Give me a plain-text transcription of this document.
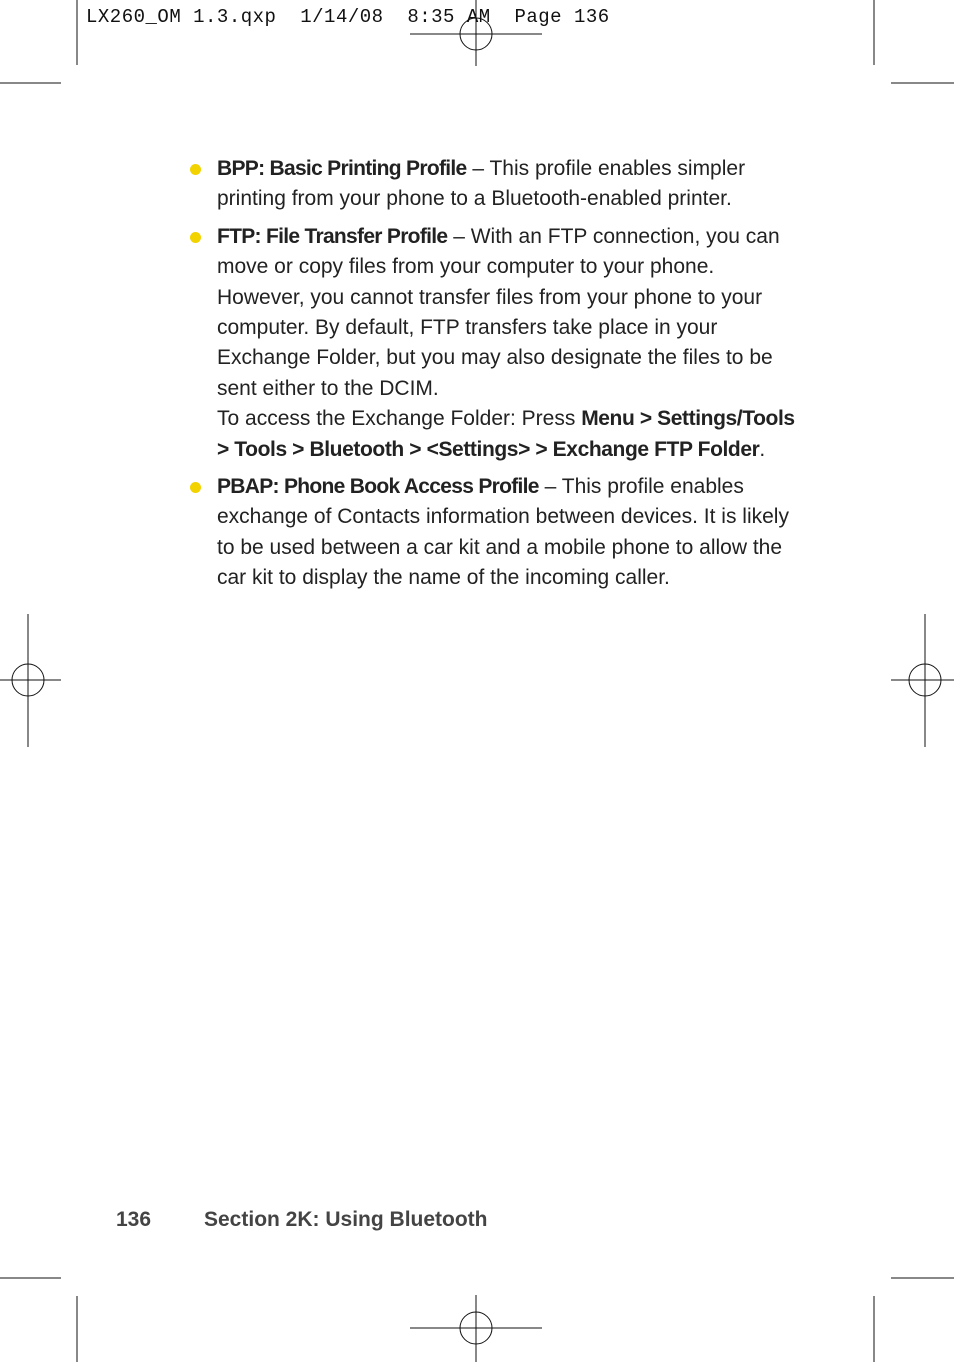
LX260_OM 1.3.qxp  1/14/08  8:35 AM  Page 136
BPP: Basic Printing Profile – This profile enables simpler printing from your phone to a Bluetooth-enabled printer.
FTP: File Transfer Profile – With an FTP connection, you can move or copy files from your computer to your phone. However, you cannot transfer files from your phone to your computer. By default, FTP transfers take place in your Exchange Folder, but you may also designate the files to be sent either to the DCIM.
To access the Exchange Folder: Press Menu > Settings/Tools > Tools > Bluetooth > <Settings> > Exchange FTP Folder.
PBAP: Phone Book Access Profile – This profile enables exchange of Contacts information between devices. It is likely to be used between a car kit and a mobile phone to allow the car kit to display the name of the incoming caller.
136	Section 2K: Using Bluetooth
